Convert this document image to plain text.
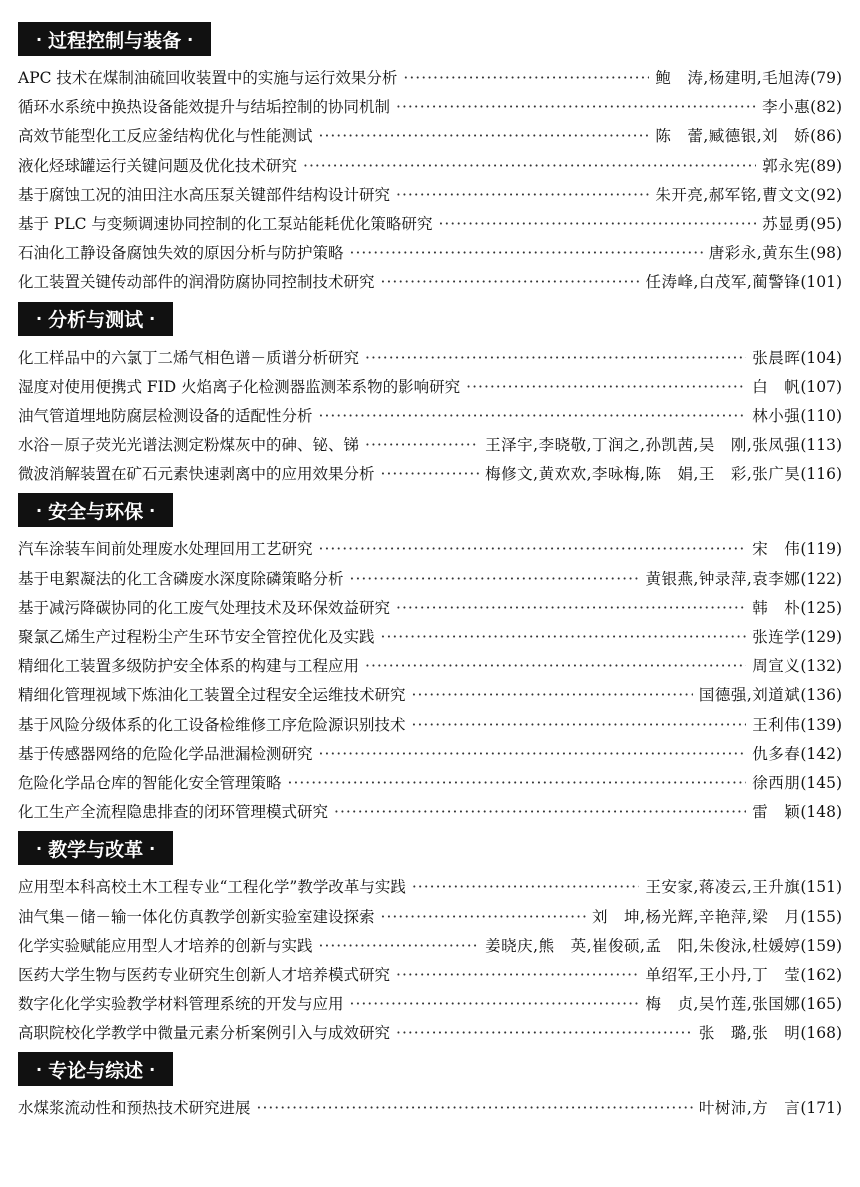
· 过程控制与装备 ·
APC 技术在煤制油硫回收装置中的实施与运行效果分析 ·····	鲍　涛,杨建明,毛旭涛 (79)
循环水系统中换热设备能效提升与结垢控制的协同机制 ·····	李小惠 (82)
高效节能型化工反应釜结构优化与性能测试 ·····	陈　蕾,臧德银,刘　娇 (86)
液化烃球罐运行关键问题及优化技术研究 ·····	郭永宪 (89)
基于腐蚀工况的油田注水高压泵关键部件结构设计研究 ·····	朱开亮,郝军铭,曹文文 (92)
基于 PLC 与变频调速协同控制的化工泵站能耗优化策略研究 ·····	苏显勇 (95)
石油化工静设备腐蚀失效的原因分析与防护策略 ·····	唐彩永,黄东生 (98)
化工装置关键传动部件的润滑防腐协同控制技术研究 ·····	任涛峰,白茂军,蔺警锋 (101)
· 分析与测试 ·
化工样品中的六氯丁二烯气相色谱－质谱分析研究 ·····	张晨晖 (104)
湿度对使用便携式 FID 火焰离子化检测器监测苯系物的影响研究 ·····	白　帆 (107)
油气管道埋地防腐层检测设备的适配性分析 ·····	林小强 (110)
水浴－原子荧光光谱法测定粉煤灰中的砷、铋、锑 ·····	王泽宇,李晓敬,丁润之,孙凯茜,吴　刚,张凤强 (113)
微波消解装置在矿石元素快速剥离中的应用效果分析 ·····	梅修文,黄欢欢,李咏梅,陈　娟,王　彩,张广昊 (116)
· 安全与环保 ·
汽车涂装车间前处理废水处理回用工艺研究 ·····	宋　伟 (119)
基于电絮凝法的化工含磷废水深度除磷策略分析 ·····	黄银燕,钟录萍,袁李娜 (122)
基于减污降碳协同的化工废气处理技术及环保效益研究 ·····	韩　朴 (125)
聚氯乙烯生产过程粉尘产生环节安全管控优化及实践 ·····	张连学 (129)
精细化工装置多级防护安全体系的构建与工程应用 ·····	周宣义 (132)
精细化管理视域下炼油化工装置全过程安全运维技术研究 ·····	国德强,刘道斌 (136)
基于风险分级体系的化工设备检维修工序危险源识别技术 ·····	王利伟 (139)
基于传感器网络的危险化学品泄漏检测研究 ·····	仇多春 (142)
危险化学品仓库的智能化安全管理策略 ·····	徐西朋 (145)
化工生产全流程隐患排查的闭环管理模式研究 ·····	雷　颖 (148)
· 教学与改革 ·
应用型本科高校土木工程专业“工程化学”教学改革与实践 ·····	王安家,蒋凌云,王升旗 (151)
油气集－储－输一体化仿真教学创新实验室建设探索 ·····	刘　坤,杨光辉,辛艳萍,梁　月 (155)
化学实验赋能应用型人才培养的创新与实践 ·····	姜晓庆,熊　英,崔俊硕,孟　阳,朱俊泳,杜媛婷 (159)
医药大学生物与医药专业研究生创新人才培养模式研究 ·····	单绍军,王小丹,丁　莹 (162)
数字化化学实验教学材料管理系统的开发与应用 ·····	梅　贞,吴竹莲,张国娜 (165)
高职院校化学教学中微量元素分析案例引入与成效研究 ·····	张　璐,张　明 (168)
· 专论与综述 ·
水煤浆流动性和预热技术研究进展 ·····	叶树沛,方　言 (171)
